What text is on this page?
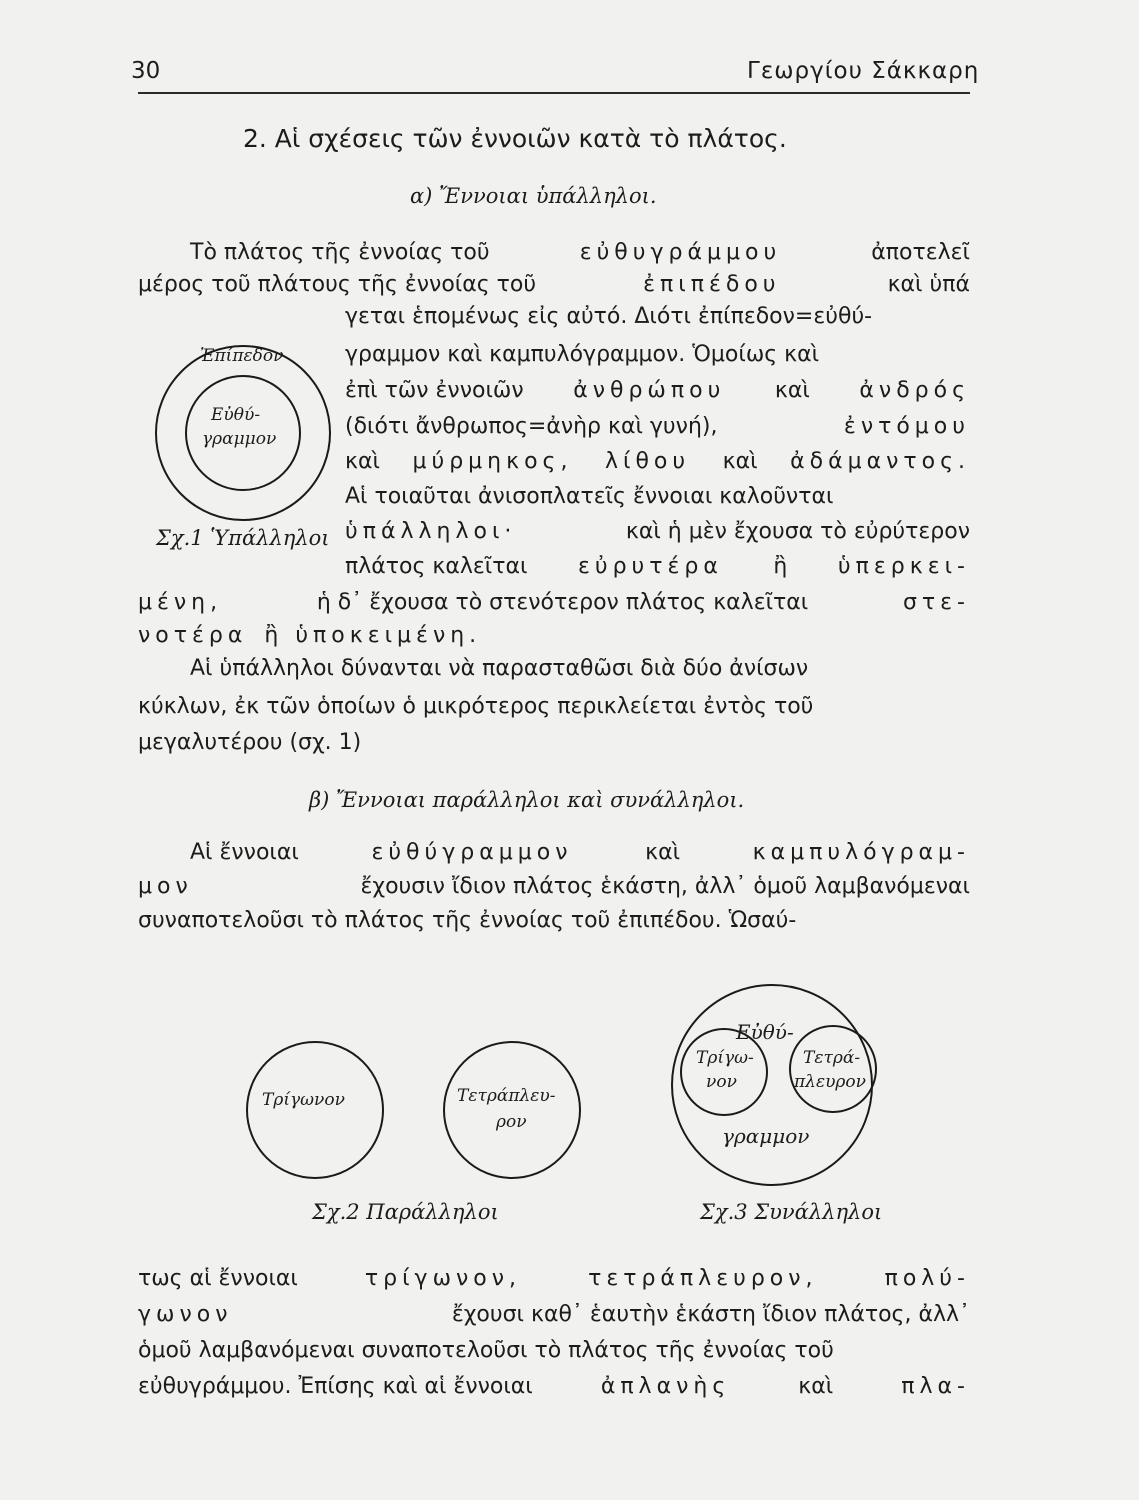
30	Γεωργίου Σάκκαρη
2. Αἱ σχέσεις τῶν ἐννοιῶν κατὰ τὸ πλάτος.
α) Ἔννοιαι ὑπάλληλοι.
Τὸ πλάτος τῆς ἐννοίας τοῦ	εὐθυγράμμου	ἀποτελεῖ
μέρος τοῦ πλάτους τῆς ἐννοίας τοῦ	ἐπιπέδου	καὶ ὑπά
γεται ἑπομένως εἰς αὐτό. Διότι ἐπίπεδον=εὐθύ-
γραμμον καὶ καμπυλόγραμμον. Ὁμοίως καὶ
ἐπὶ τῶν ἐννοιῶν ἀνθρώπου καὶ ἀνδρός
(διότι ἄνθρωπος=ἀνὴρ καὶ γυνή),	ἐντόμου
καὶ μύρμηκος, λίθου καὶ ἀδάμαντος.
Αἱ τοιαῦται ἀνισοπλατεῖς ἔννοιαι καλοῦνται
ὑπάλληλοι·	καὶ ἡ μὲν ἔχουσα τὸ εὐρύτερον
πλάτος καλεῖται εὐρυτέρα ἢ ὑπερκει-
μένη,	ἡ δ᾽ ἔχουσα τὸ στενότερον πλάτος καλεῖται	στε-
νοτέρα ἢ ὑποκειμένη.
Αἱ ὑπάλληλοι δύνανται νὰ παρασταθῶσι διὰ δύο ἀνίσων
κύκλων, ἐκ τῶν ὁποίων ὁ μικρότερος περικλείεται ἐντὸς τοῦ
μεγαλυτέρου (σχ. 1)
β) Ἔννοιαι παράλληλοι καὶ συνάλληλοι.
Αἱ ἔννοιαι	εὐθύγραμμον	καὶ	καμπυλόγραμ-
μον	ἔχουσιν ἴδιον πλάτος ἑκάστη, ἀλλ᾽ ὁμοῦ λαμβανόμεναι
συναποτελοῦσι τὸ πλάτος τῆς ἐννοίας τοῦ ἐπιπέδου. Ὡσαύ-
Ἐπίπεδον
Εὐθύ-
γραμμον
Σχ.1 Ὑπάλληλοι
Τρίγωνον	Τετράπλευ-
ρον
Σχ.2 Παράλληλοι
Εὐθύ-
Τρίγω-
νον
Τετρά-
πλευρον
γραμμον
Σχ.3 Συνάλληλοι
τως αἱ ἔννοιαι	τρίγωνον,	τετράπλευρον,	πολύ-
γωνον	ἔχουσι καθ᾽ ἑαυτὴν ἑκάστη ἴδιον πλάτος, ἀλλ᾽
ὁμοῦ λαμβανόμεναι συναποτελοῦσι τὸ πλάτος τῆς ἐννοίας τοῦ
εὐθυγράμμου. Ἐπίσης καὶ αἱ ἔννοιαι	ἀπλανὴς	καὶ	πλα-
